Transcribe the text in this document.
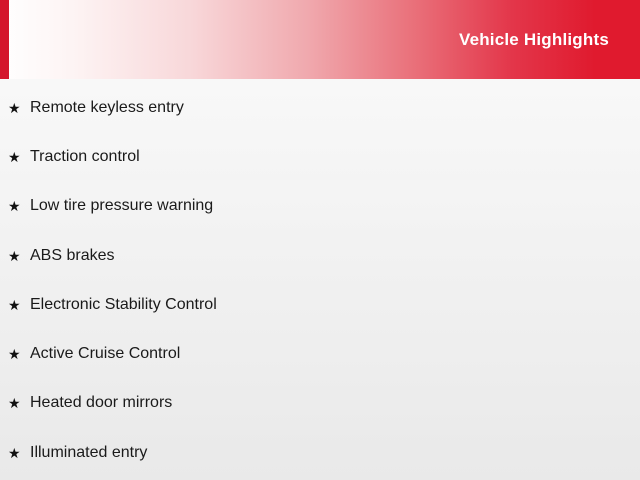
Vehicle Highlights
★ Remote keyless entry
★ Traction control
★ Low tire pressure warning
★ ABS brakes
★ Electronic Stability Control
★ Active Cruise Control
★ Heated door mirrors
★ Illuminated entry
